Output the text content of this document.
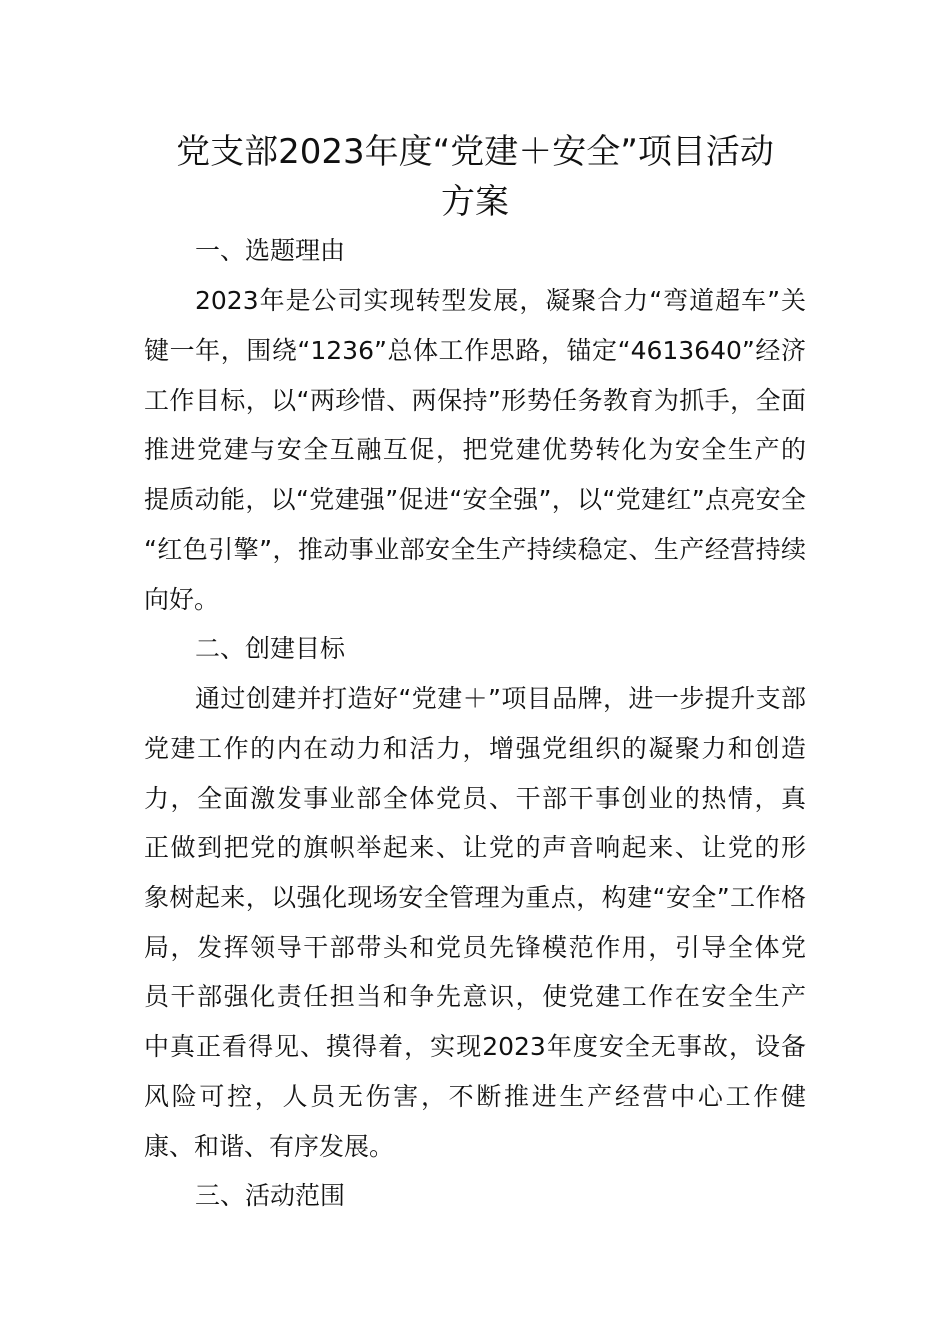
党支部2023年度“党建＋安全”项目活动
方案
一、选题理由
2023年是公司实现转型发展，凝聚合力“弯道超车”关
键一年，围绕“1236”总体工作思路，锚定“4613640”经济
工作目标，以“两珍惜、两保持”形势任务教育为抓手，全面
推进党建与安全互融互促，把党建优势转化为安全生产的
提质动能，以“党建强”促进“安全强”，以“党建红”点亮安全
“红色引擎”，推动事业部安全生产持续稳定、生产经营持续
向好。
二、创建目标
通过创建并打造好“党建＋”项目品牌，进一步提升支部
党建工作的内在动力和活力，增强党组织的凝聚力和创造
力，全面激发事业部全体党员、干部干事创业的热情，真
正做到把党的旗帜举起来、让党的声音响起来、让党的形
象树起来，以强化现场安全管理为重点，构建“安全”工作格
局，发挥领导干部带头和党员先锋模范作用，引导全体党
员干部强化责任担当和争先意识，使党建工作在安全生产
中真正看得见、摸得着，实现2023年度安全无事故，设备
风险可控，人员无伤害，不断推进生产经营中心工作健
康、和谐、有序发展。
三、活动范围
